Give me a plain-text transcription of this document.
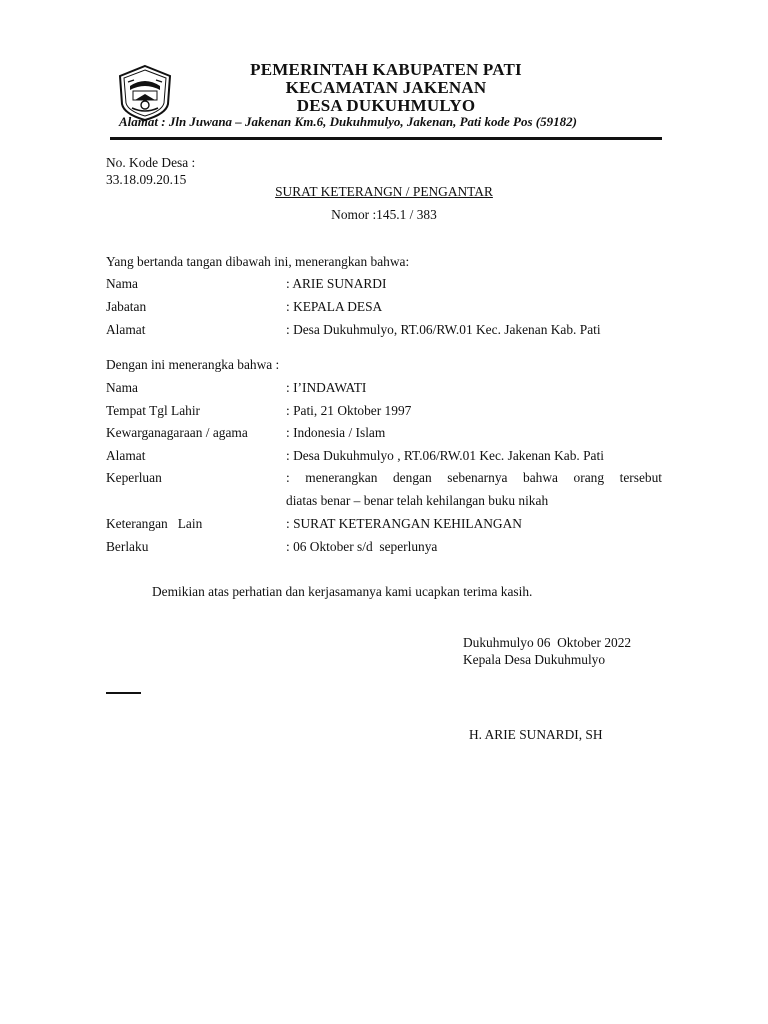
PEMERINTAH KABUPATEN PATI
KECAMATAN JAKENAN
DESA DUKUHMULYO
Alamat : Jln Juwana – Jakenan Km.6, Dukuhmulyo, Jakenan, Pati kode Pos (59182)
No. Kode Desa :
33.18.09.20.15
SURAT KETERANGN / PENGANTAR
Nomor :145.1 / 383
Yang bertanda tangan dibawah ini, menerangkan bahwa:
Nama	: ARIE SUNARDI
Jabatan	: KEPALA DESA
Alamat	: Desa Dukuhmulyo, RT.06/RW.01 Kec. Jakenan Kab. Pati
Dengan ini menerangka bahwa :
Nama	: I’INDAWATI
Tempat Tgl Lahir	: Pati, 21 Oktober 1997
Kewarganagaraan / agama	: Indonesia / Islam
Alamat	: Desa Dukuhmulyo , RT.06/RW.01 Kec. Jakenan Kab. Pati
Keperluan	: menerangkan dengan sebenarnya bahwa orang tersebut
diatas benar – benar telah kehilangan buku nikah
Keterangan   Lain	: SURAT KETERANGAN KEHILANGAN
Berlaku	: 06 Oktober s/d  seperlunya
Demikian atas perhatian dan kerjasamanya kami ucapkan terima kasih.
Dukuhmulyo 06  Oktober 2022
Kepala Desa Dukuhmulyo
H. ARIE SUNARDI, SH
